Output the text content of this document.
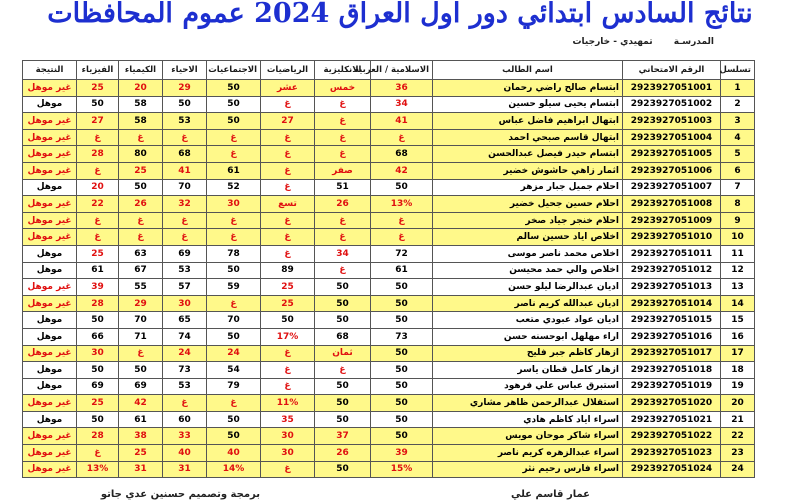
نتائج السادس ابتدائي دور اول العراق 2024 عموم المحافظات
المدرسـة تمهيدي - خارجيات
تسلسل	الرقم الامتحاني	اسم الطالب	الاسلامية / العربية	الانكليزية	الرياضيات	الاجتماعيات	الاحياء	الكيمياء	الفيزياء	النتيجة
1	2923927051001	ابتسام صالح راضي رحمان	36	خمس	عشر	50	29	20	25	غير موهل
2	2923927051002	ابتسام يحيى سيلو حسين	34	غ	غ	50	50	58	50	موهل
3	2923927051003	ابتهال ابراهيم فاضل عباس	41	غ	27	50	53	58	27	غير موهل
4	2923927051004	ابتهال قاسم صبحي احمد	غ	غ	غ	غ	غ	غ	غ	غير موهل
5	2923927051005	ابتسام حيدر فيصل عبدالحسن	68	غ	غ	غ	68	80	28	غير موهل
6	2923927051006	اثمار زاهي حاشوش خضير	42	صفر	غ	61	41	25	غ	غير موهل
7	2923927051007	احلام جميل جبار مزهر	50	51	غ	52	70	50	20	موهل
8	2923927051008	احلام حسين جحيل خضير	13%	26	تسع	30	32	26	22	غير موهل
9	2923927051009	احلام خنجر جياد صخر	غ	غ	غ	غ	غ	غ	غ	غير موهل
10	2923927051010	اخلاص اياد حسين سالم	غ	غ	غ	غ	غ	غ	غ	غير موهل
11	2923927051011	اخلاص محمد ناصر موسى	72	34	غ	78	69	63	25	موهل
12	2923927051012	اخلاص والي حمد محيسن	61	غ	89	50	53	67	61	موهل
13	2923927051013	اديان عبدالرضا ليلو حسن	50	50	25	59	57	55	39	غير موهل
14	2923927051014	اديان عبدالله كريم ناصر	50	50	25	غ	30	29	28	غير موهل
15	2923927051015	اديان عواد عبودي متعب	50	50	50	70	65	70	50	موهل
16	2923927051016	اراء مهلهل ابوحسنه حسن	73	68	17%	50	74	71	66	موهل
17	2923927051017	ازهار كاظم جبر فليح	50	ثمان	غ	24	24	غ	30	غير موهل
18	2923927051018	ازهار كامل قطان ياسر	50	غ	غ	54	73	50	50	موهل
19	2923927051019	استبرق عباس علي فرهود	50	50	غ	79	53	69	69	موهل
20	2923927051020	استقلال عبدالرحمن ظاهر مشاري	50	50	11%	غ	غ	42	25	غير موهل
21	2923927051021	اسراء اياد كاظم هادي	50	50	35	50	60	61	50	موهل
22	2923927051022	اسراء شاكر موحان مويس	50	37	30	50	33	38	28	غير موهل
23	2923927051023	اسراء عبدالزهره كريم ناصر	39	26	30	40	40	25	غ	غير موهل
24	2923927051024	اسراء فارس رحيم نثر	15%	50	غ	14%	31	31	13%	غير موهل
برمجة وتصميم حسنين عدي جاتو	عمار قاسم علي
